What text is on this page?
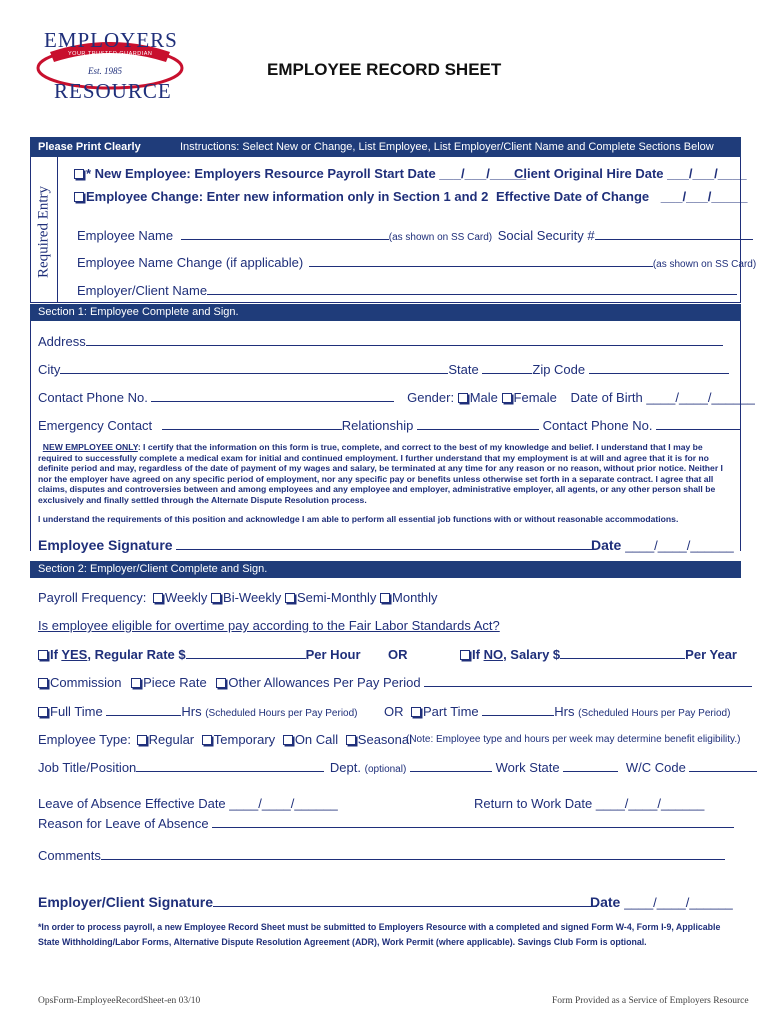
EMPLOYERS
YOUR TRUSTED GUARDIAN
Est. 1985
RESOURCE
EMPLOYEE RECORD SHEET
Please Print Clearly	Instructions: Select New or Change, List Employee, List Employer/Client Name and Complete Sections Below
Required Entry
* New Employee: Employers Resource Payroll Start Date ___/___/_____
Client Original Hire Date ___/___/____
Employee Change: Enter new information only in Section 1 and 2 Effective Date of Change ___/___/_____
Employee Name	(as shown on SS Card) Social Security #
Employee Name Change (if applicable)	(as shown on SS Card)
Employer/Client Name
Section 1: Employee Complete and Sign.
Address
City	State	Zip Code
Contact Phone No.	Gender: Male Female Date of Birth ____/____/______
Emergency Contact	Relationship	Contact Phone No.
NEW EMPLOYEE ONLY: I certify that the information on this form is true, complete, and correct to the best of my knowledge and belief. I understand that I may be required to successfully complete a medical exam for initial and continued employment. I further understand that my employment is at will and agree that it is for no definite period and may, regardless of the date of payment of my wages and salary, be terminated at any time for any reason or no reason, without prior notice. Neither I nor the employer have agreed on any specific period of employment, nor any specific pay or benefits unless otherwise set forth in a separate contract. I agree that all claims, disputes and controversies between and among employees and any employee and employer, administrative employer, all agents, or any other person shall be exclusively and finally settled through the Alternate Dispute Resolution process.
I understand the requirements of this position and acknowledge I am able to perform all essential job functions with or without reasonable accommodations.
Employee Signature	Date ____/____/______
Section 2: Employer/Client Complete and Sign.
Payroll Frequency: Weekly Bi-Weekly Semi-Monthly Monthly
Is employee eligible for overtime pay according to the Fair Labor Standards Act?
If YES, Regular Rate $	Per Hour OR	If NO, Salary $	Per Year
Commission Piece Rate Other Allowances Per Pay Period
Full Time	Hrs (Scheduled Hours per Pay Period) OR	Part Time	Hrs (Scheduled Hours per Pay Period)
Employee Type: Regular Temporary On Call Seasonal
(Note: Employee type and hours per week may determine benefit eligibility.)
Job Title/Position	Dept. (optional)	Work State	W/C Code
Leave of Absence Effective Date ____/____/______	Return to Work Date ____/____/______
Reason for Leave of Absence
Comments
Employer/Client Signature	Date ____/____/______
*In order to process payroll, a new Employee Record Sheet must be submitted to Employers Resource with a completed and signed Form W-4, Form I-9, Applicable State Withholding/Labor Forms, Alternative Dispute Resolution Agreement (ADR), Work Permit (where applicable). Savings Club Form is optional.
OpsForm-EmployeeRecordSheet-en 03/10	Form Provided as a Service of Employers Resource
